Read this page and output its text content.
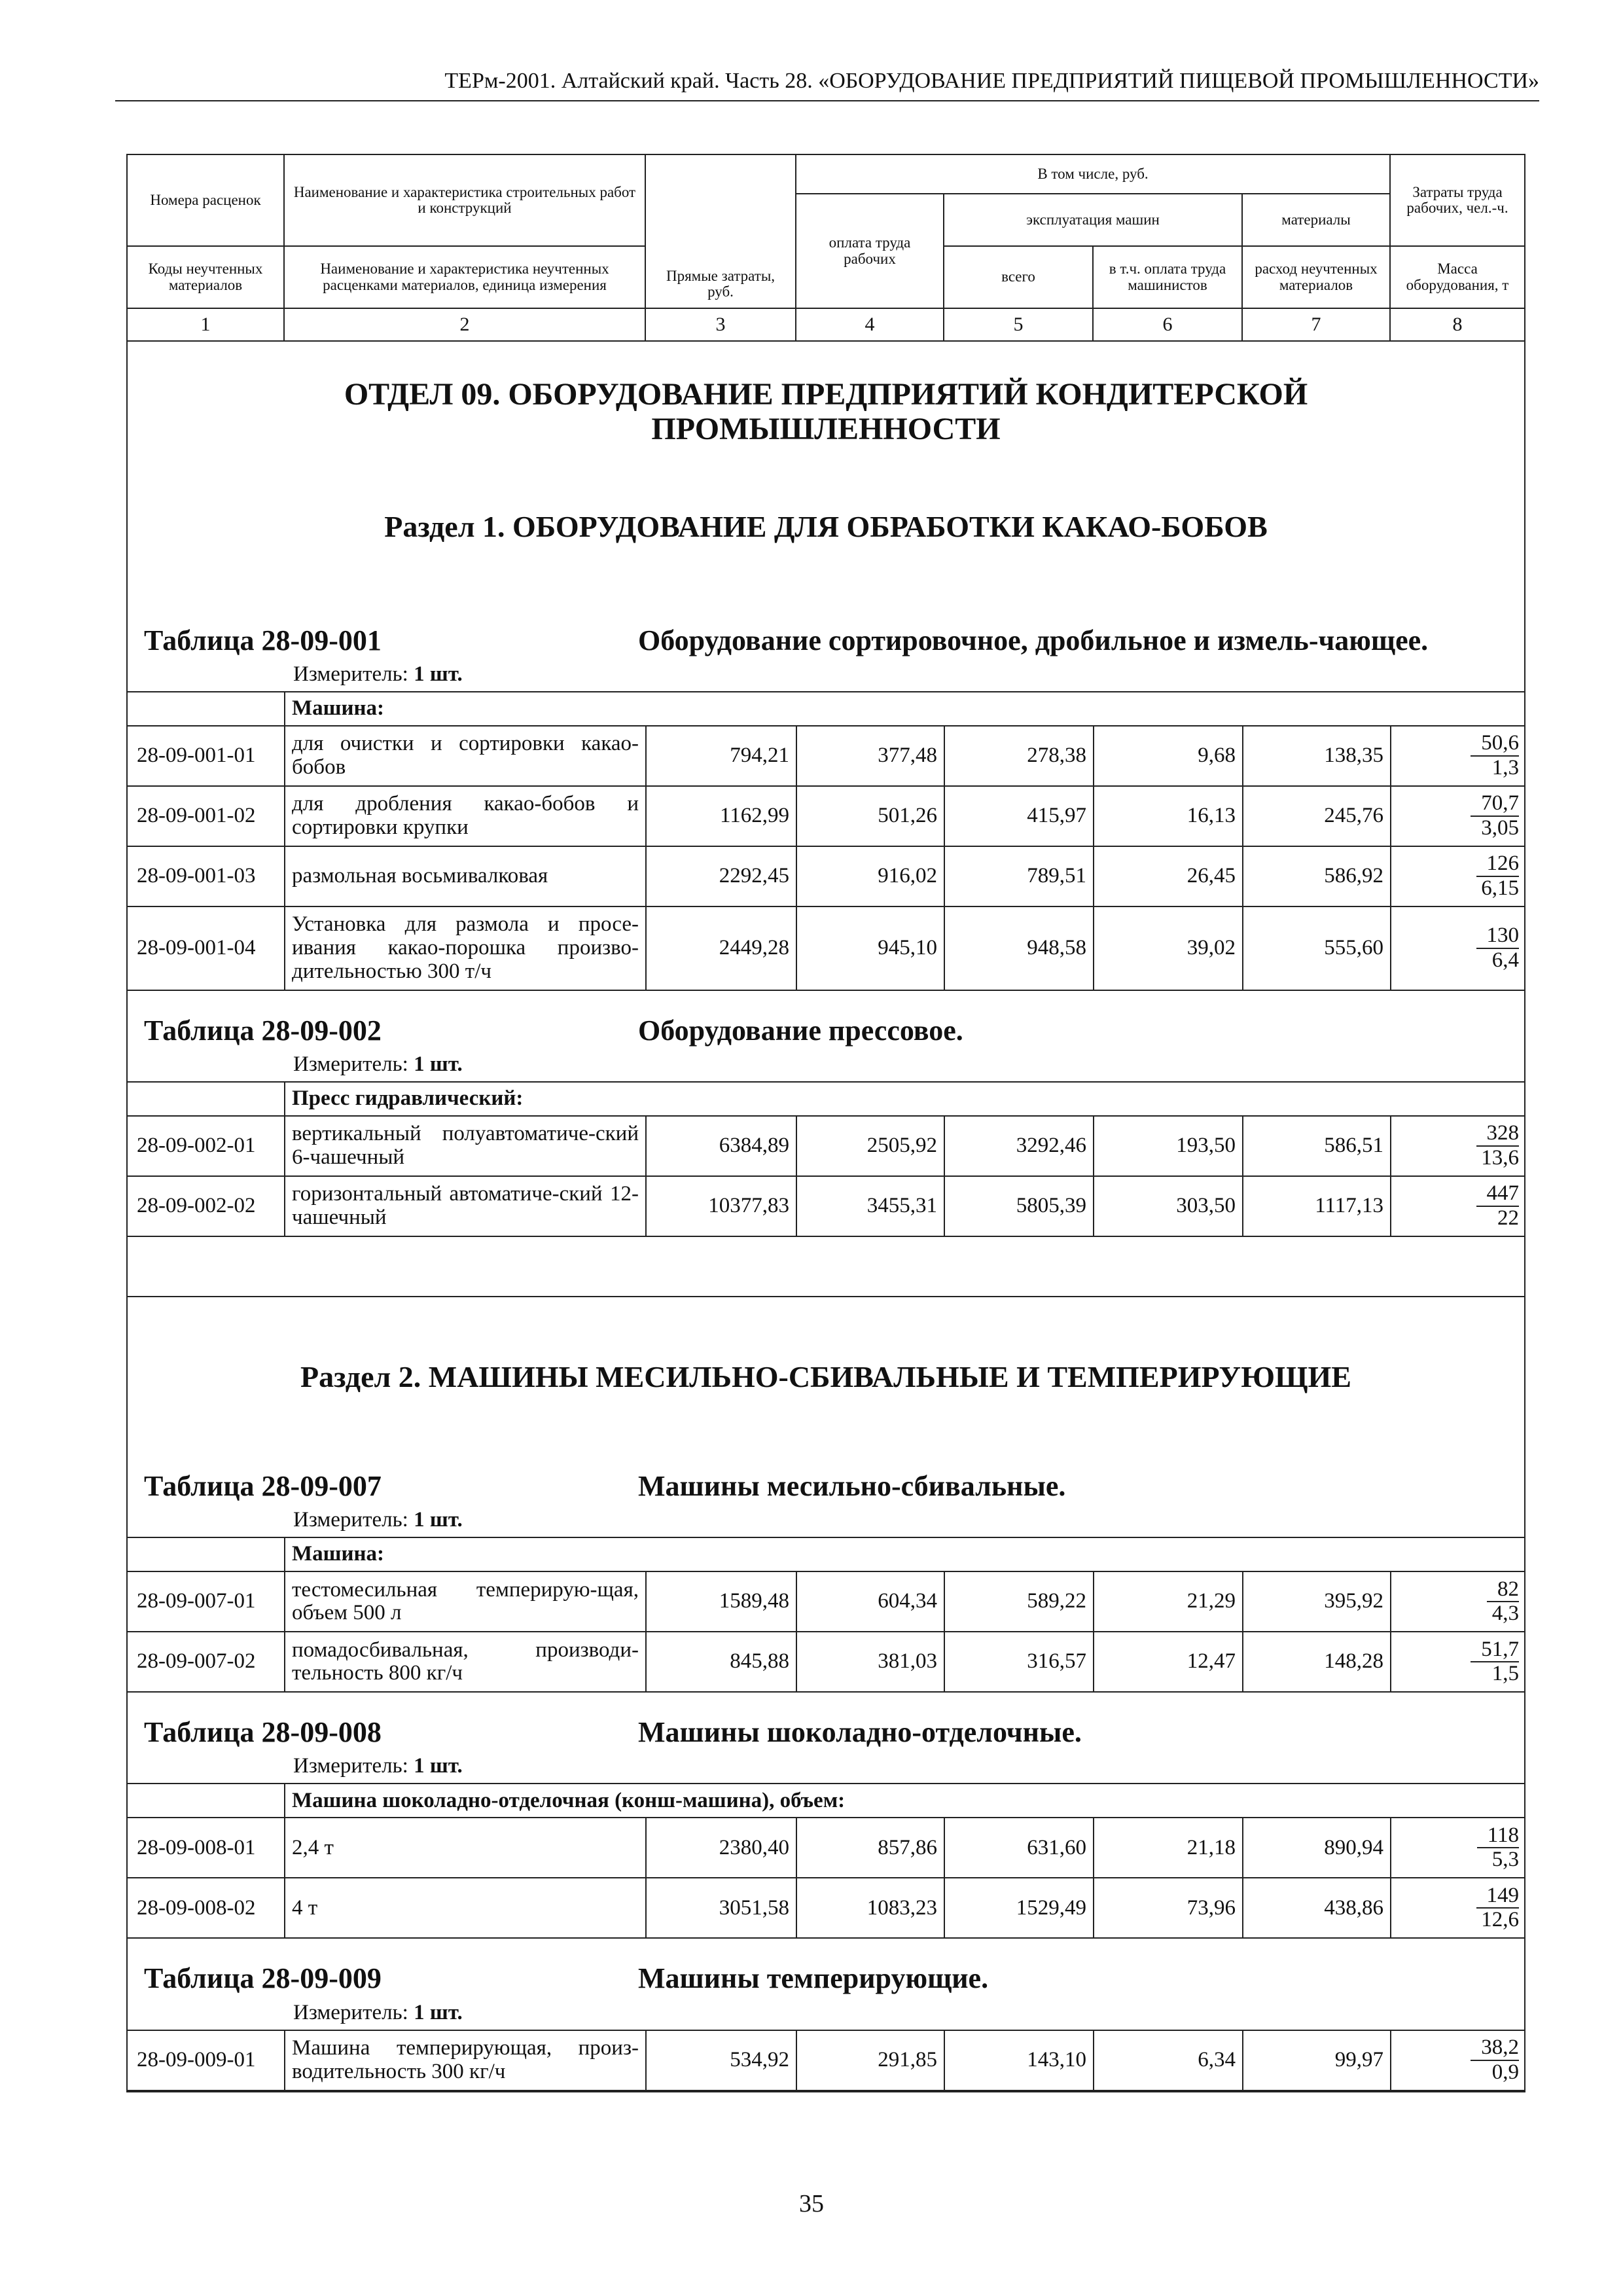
ТЕРм-2001. Алтайский край. Часть 28. «ОБОРУДОВАНИЕ ПРЕДПРИЯТИЙ ПИЩЕВОЙ ПРОМЫШЛЕННОСТИ»
Номера расценок	Наименование и характеристика строительных работ и конструкций	Прямые затраты, руб.	В том числе, руб.	Затраты труда рабочих, чел.-ч.
оплата труда рабочих	эксплуатация машин	материалы
Коды неучтенных материалов	Наименование и характеристика неучтенных расценками материалов, единица измерения	всего	в т.ч. оплата труда машинистов	расход неучтенных материалов	Масса оборудования, т
1	2	3	4	5	6	7	8

ОТДЕЛ 09. ОБОРУДОВАНИЕ ПРЕДПРИЯТИЙ КОНДИТЕРСКОЙ ПРОМЫШЛЕННОСТИ
Раздел 1. ОБОРУДОВАНИЕ ДЛЯ ОБРАБОТКИ КАКАО-БОБОВ
Таблица 28-09-001	Оборудование сортировочное, дробильное и измель-чающее.
Измеритель: 1 шт.
	Машина:
28-09-001-01	для очистки и сортировки какао-бобов	794,21	377,48	278,38	9,68	138,35	$\frac{50,6}{1,3}$

28-09-001-02	для дробления какао-бобов и сортировки крупки	1162,99	501,26	415,97	16,13	245,76	$\frac{70,7}{3,05}$

28-09-001-03	размольная восьмивалковая	2292,45	916,02	789,51	26,45	586,92	$\frac{126}{6,15}$

28-09-001-04	Установка для размола и просе-ивания какао-порошка произво-дительностью 300 т/ч	2449,28	945,10	948,58	39,02	555,60	$\frac{130}{6,4}$
Таблица 28-09-002	Оборудование прессовое.
Измеритель: 1 шт.
	Пресс гидравлический:
28-09-002-01	вертикальный полуавтоматиче-ский 6-чашечный	6384,89	2505,92	3292,46	193,50	586,51	$\frac{328}{13,6}$

28-09-002-02	горизонтальный автоматиче-ский 12-чашечный	10377,83	3455,31	5805,39	303,50	1117,13	$\frac{447}{22}$
Раздел 2. МАШИНЫ МЕСИЛЬНО-СБИВАЛЬНЫЕ И ТЕМПЕРИРУЮЩИЕ
Таблица 28-09-007	Машины месильно-сбивальные.
Измеритель: 1 шт.
	Машина:
28-09-007-01	тестомесильная темперирую-щая, объем 500 л	1589,48	604,34	589,22	21,29	395,92	$\frac{82}{4,3}$

28-09-007-02	помадосбивальная, производи-тельность 800 кг/ч	845,88	381,03	316,57	12,47	148,28	$\frac{51,7}{1,5}$
Таблица 28-09-008	Машины шоколадно-отделочные.
Измеритель: 1 шт.
	Машина шоколадно-отделочная (конш-машина), объем:
28-09-008-01	2,4 т	2380,40	857,86	631,60	21,18	890,94	$\frac{118}{5,3}$

28-09-008-02	4 т	3051,58	1083,23	1529,49	73,96	438,86	$\frac{149}{12,6}$
Таблица 28-09-009	Машины темперирующие.
Измеритель: 1 шт.
28-09-009-01	Машина темперирующая, произ-водительность 300 кг/ч	534,92	291,85	143,10	6,34	99,97	$\frac{38,2}{0,9}$
35
